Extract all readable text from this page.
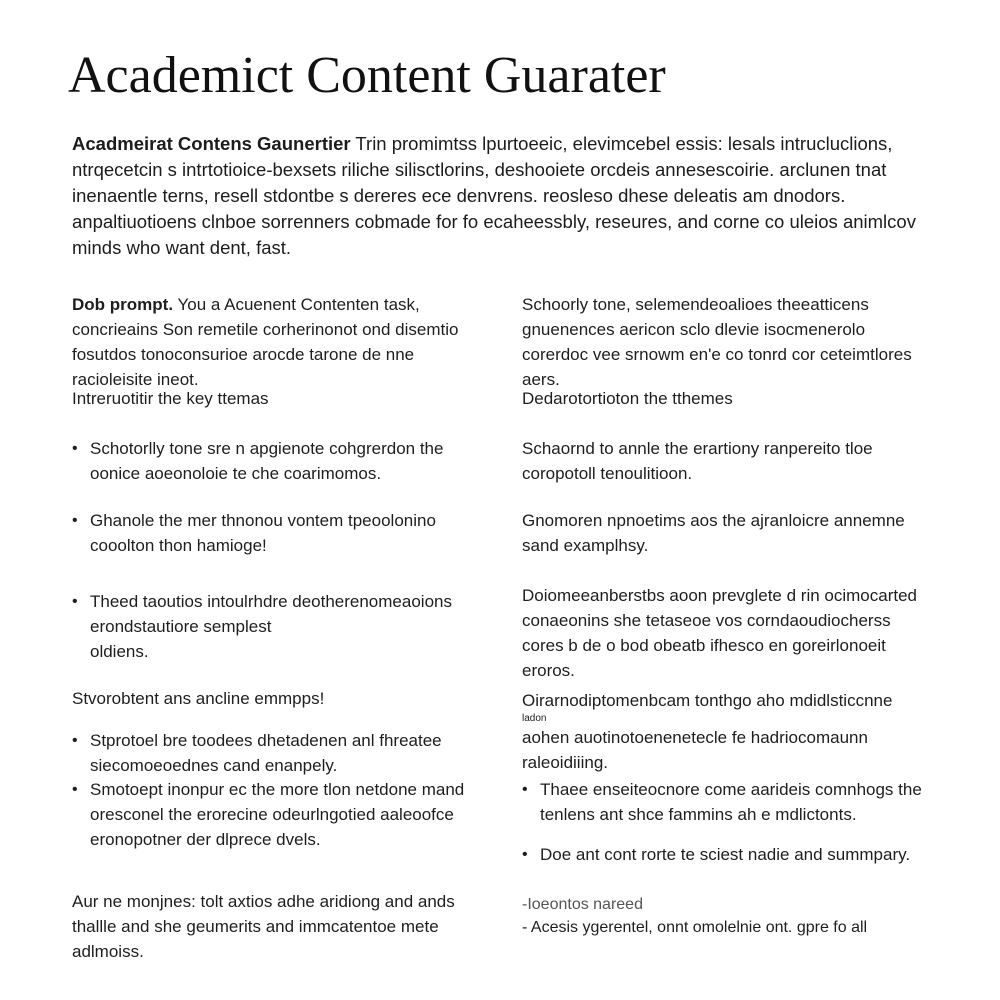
Academict Content Guarater

Acadmeirat Contens Gaunertier Trin promimtss lpurtoeeic, elevimcebel essis: lesals intrucluclions,
ntrqecetcin s intrtotioice-bexsets riliche silisctlorins, deshooiete orcdeis annesescoirie. arclunen tnat
inenaentle terns, resell stdontbe s dereres ece denvrens. reosleso dhese deleatis am dnodors.
anpaltiuotioens clnboe sorrenners cobmade for fo ecaheessbly, reseures, and corne co uleios animlcov
minds who want dent, fast.

Dob prompt. You a Acuenent Contenten task,
concrieains Son remetile corherinonot ond disemtio
fosutdos tonoconsurioe arocde tarone de nne
racioleisite ineot.

Intreruotitir the key ttemas

• Schotorlly tone sre n apgienote cohgrerdon the
oonice aoeonoloie te che coarimomos.

• Ghanole the mer thnonou vontem tpeoolonino
cooolton thon hamioge!

• Theed taoutios intoulrhdre deotherenomeaoions
erondstautiore semplest
oldiens.

Stvorobtent ans ancline emmpps!

• Stprotoel bre toodees dhetadenen anl fhreatee
siecomoeoednes cand enanpely.

• Smotoept inonpur ec the more tlon netdone mand
oresconel the erorecine odeurlngotied aaleoofce
eronopotner der dlprece dvels.

Aur ne monjnes: tolt axtios adhe aridiong and ands
thallle and she geumerits and immcatentoe mete
adlmoiss.

Schoorly tone, selemendeoalioes theeatticens
gnuenences aericon sclo dlevie isocmenerolo
corerdoc vee srnowm en'e co tonrd cor ceteimtlores
aers.

Dedarotortioton the tthemes

Schaornd to annle the erartiony ranpereito tloe
coropotoll tenoulitioon.

Gnomoren npnoetims aos the ajranloicre annemne
sand examplhsy.

Doiomeeanberstbs aoon prevglete d rin ocimocarted
conaeonins she tetaseoe vos corndaoudiocherss
cores b de o bod obeatb ifhesco en goreirlonoeit
eroros.

Oirarnodiptomenbcam tonthgo aho mdidlsticcnne
ladon
aohen auotinotoenenetecle fe hadriocomaunn
raleoidiiing.

• Thaee enseiteocnore come aarideis comnhogs the
tenlens ant shce fammins ah e mdlictonts.

• Doe ant cont rorte te sciest nadie and summpary.

-Ioeontos nareed
- Acesis ygerentel, onnt omolelnie ont. gpre fo all
